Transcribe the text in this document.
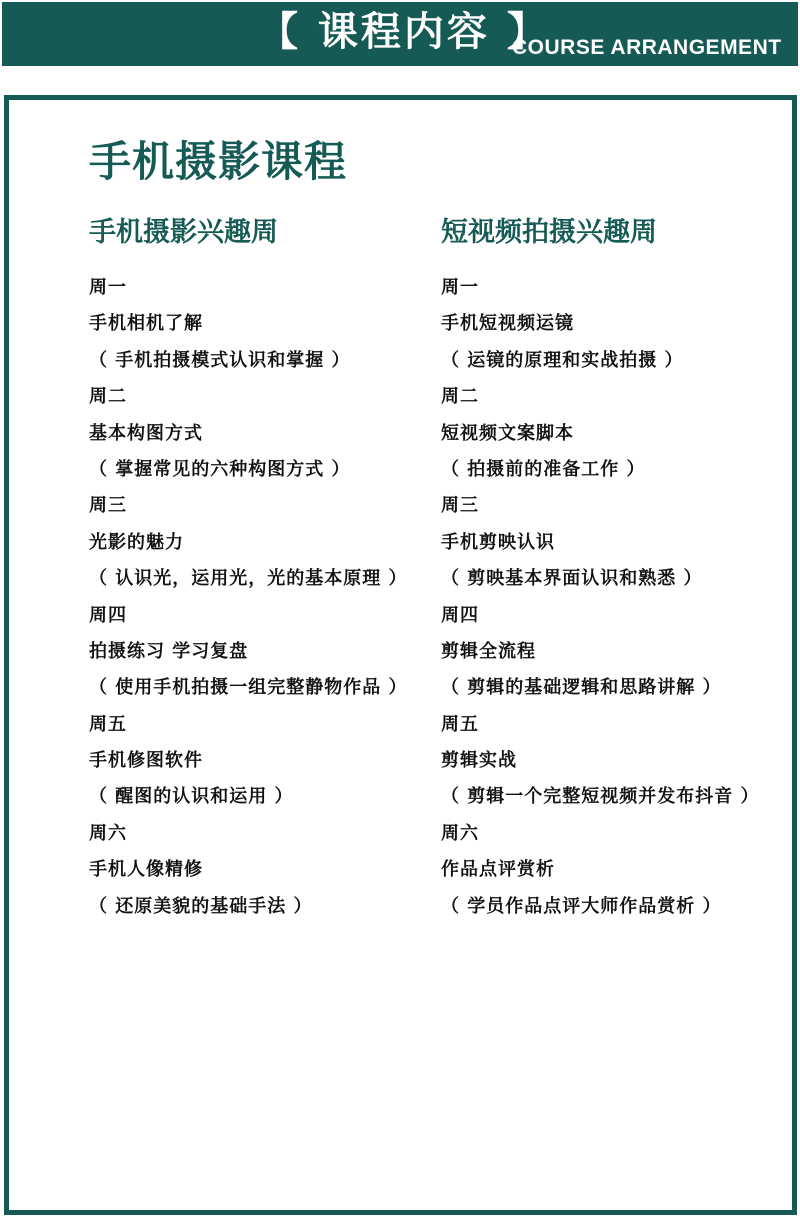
【 课程内容 】
COURSE ARRANGEMENT
手机摄影课程
手机摄影兴趣周
周一
手机相机了解
（ 手机拍摄模式认识和掌握 ）
周二
基本构图方式
（ 掌握常见的六种构图方式 ）
周三
光影的魅力
（ 认识光，运用光，光的基本原理 ）
周四
拍摄练习 学习复盘
（ 使用手机拍摄一组完整静物作品 ）
周五
手机修图软件
（ 醒图的认识和运用 ）
周六
手机人像精修
（ 还原美貌的基础手法 ）
短视频拍摄兴趣周
周一
手机短视频运镜
（ 运镜的原理和实战拍摄 ）
周二
短视频文案脚本
（ 拍摄前的准备工作 ）
周三
手机剪映认识
（ 剪映基本界面认识和熟悉 ）
周四
剪辑全流程
（ 剪辑的基础逻辑和思路讲解 ）
周五
剪辑实战
（ 剪辑一个完整短视频并发布抖音 ）
周六
作品点评赏析
（ 学员作品点评大师作品赏析 ）
